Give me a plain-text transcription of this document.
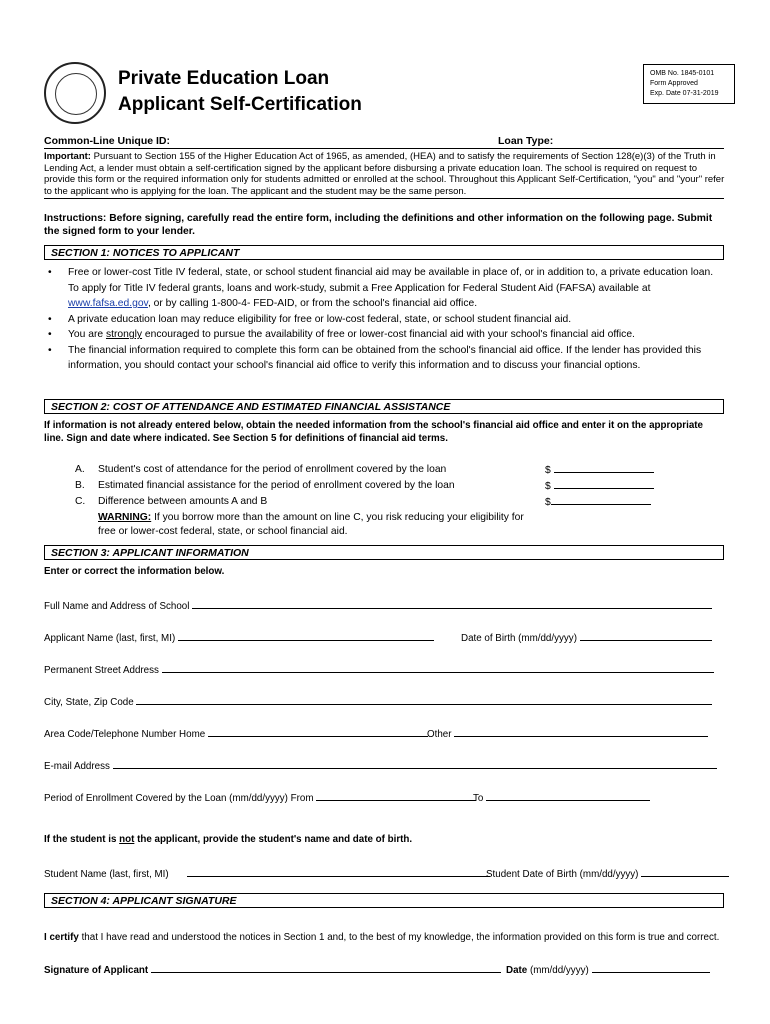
Private Education Loan
Applicant Self-Certification
OMB No. 1845-0101
Form Approved
Exp. Date 07-31-2019
Common-Line Unique ID:	Loan Type:
Important: Pursuant to Section 155 of the Higher Education Act of 1965, as amended, (HEA) and to satisfy the requirements of Section 128(e)(3) of the Truth in Lending Act, a lender must obtain a self-certification signed by the applicant before disbursing a private education loan. The school is required on request to provide this form or the required information only for students admitted or enrolled at the school. Throughout this Applicant Self-Certification, "you" and "your" refer to the applicant who is applying for the loan. The applicant and the student may be the same person.
Instructions: Before signing, carefully read the entire form, including the definitions and other information on the following page. Submit the signed form to your lender.
SECTION 1: NOTICES TO APPLICANT
• Free or lower-cost Title IV federal, state, or school student financial aid may be available in place of, or in addition to, a private education loan. To apply for Title IV federal grants, loans and work-study, submit a Free Application for Federal Student Aid (FAFSA) available at www.fafsa.ed.gov, or by calling 1-800-4- FED-AID, or from the school's financial aid office.
• A private education loan may reduce eligibility for free or low-cost federal, state, or school student financial aid.
• You are strongly encouraged to pursue the availability of free or lower-cost financial aid with your school's financial aid office.
• The financial information required to complete this form can be obtained from the school's financial aid office. If the lender has provided this information, you should contact your school's financial aid office to verify this information and to discuss your financial options.
SECTION 2: COST OF ATTENDANCE AND ESTIMATED FINANCIAL ASSISTANCE
If information is not already entered below, obtain the needed information from the school's financial aid office and enter it on the appropriate line. Sign and date where indicated. See Section 5 for definitions of financial aid terms.
A. Student's cost of attendance for the period of enrollment covered by the loan	$
B. Estimated financial assistance for the period of enrollment covered by the loan	$
C. Difference between amounts A and B	$
WARNING: If you borrow more than the amount on line C, you risk reducing your eligibility for free or lower-cost federal, state, or school financial aid.
SECTION 3: APPLICANT INFORMATION
Enter or correct the information below.
Full Name and Address of School
Applicant Name (last, first, MI)	Date of Birth (mm/dd/yyyy)
Permanent Street Address
City, State, Zip Code
Area Code/Telephone Number Home	Other
E-mail Address
Period of Enrollment Covered by the Loan (mm/dd/yyyy) From	To
If the student is not the applicant, provide the student's name and date of birth.
Student Name (last, first, MI)	Student Date of Birth (mm/dd/yyyy)
SECTION 4: APPLICANT SIGNATURE
I certify that I have read and understood the notices in Section 1 and, to the best of my knowledge, the information provided on this form is true and correct.
Signature of Applicant	Date (mm/dd/yyyy)
